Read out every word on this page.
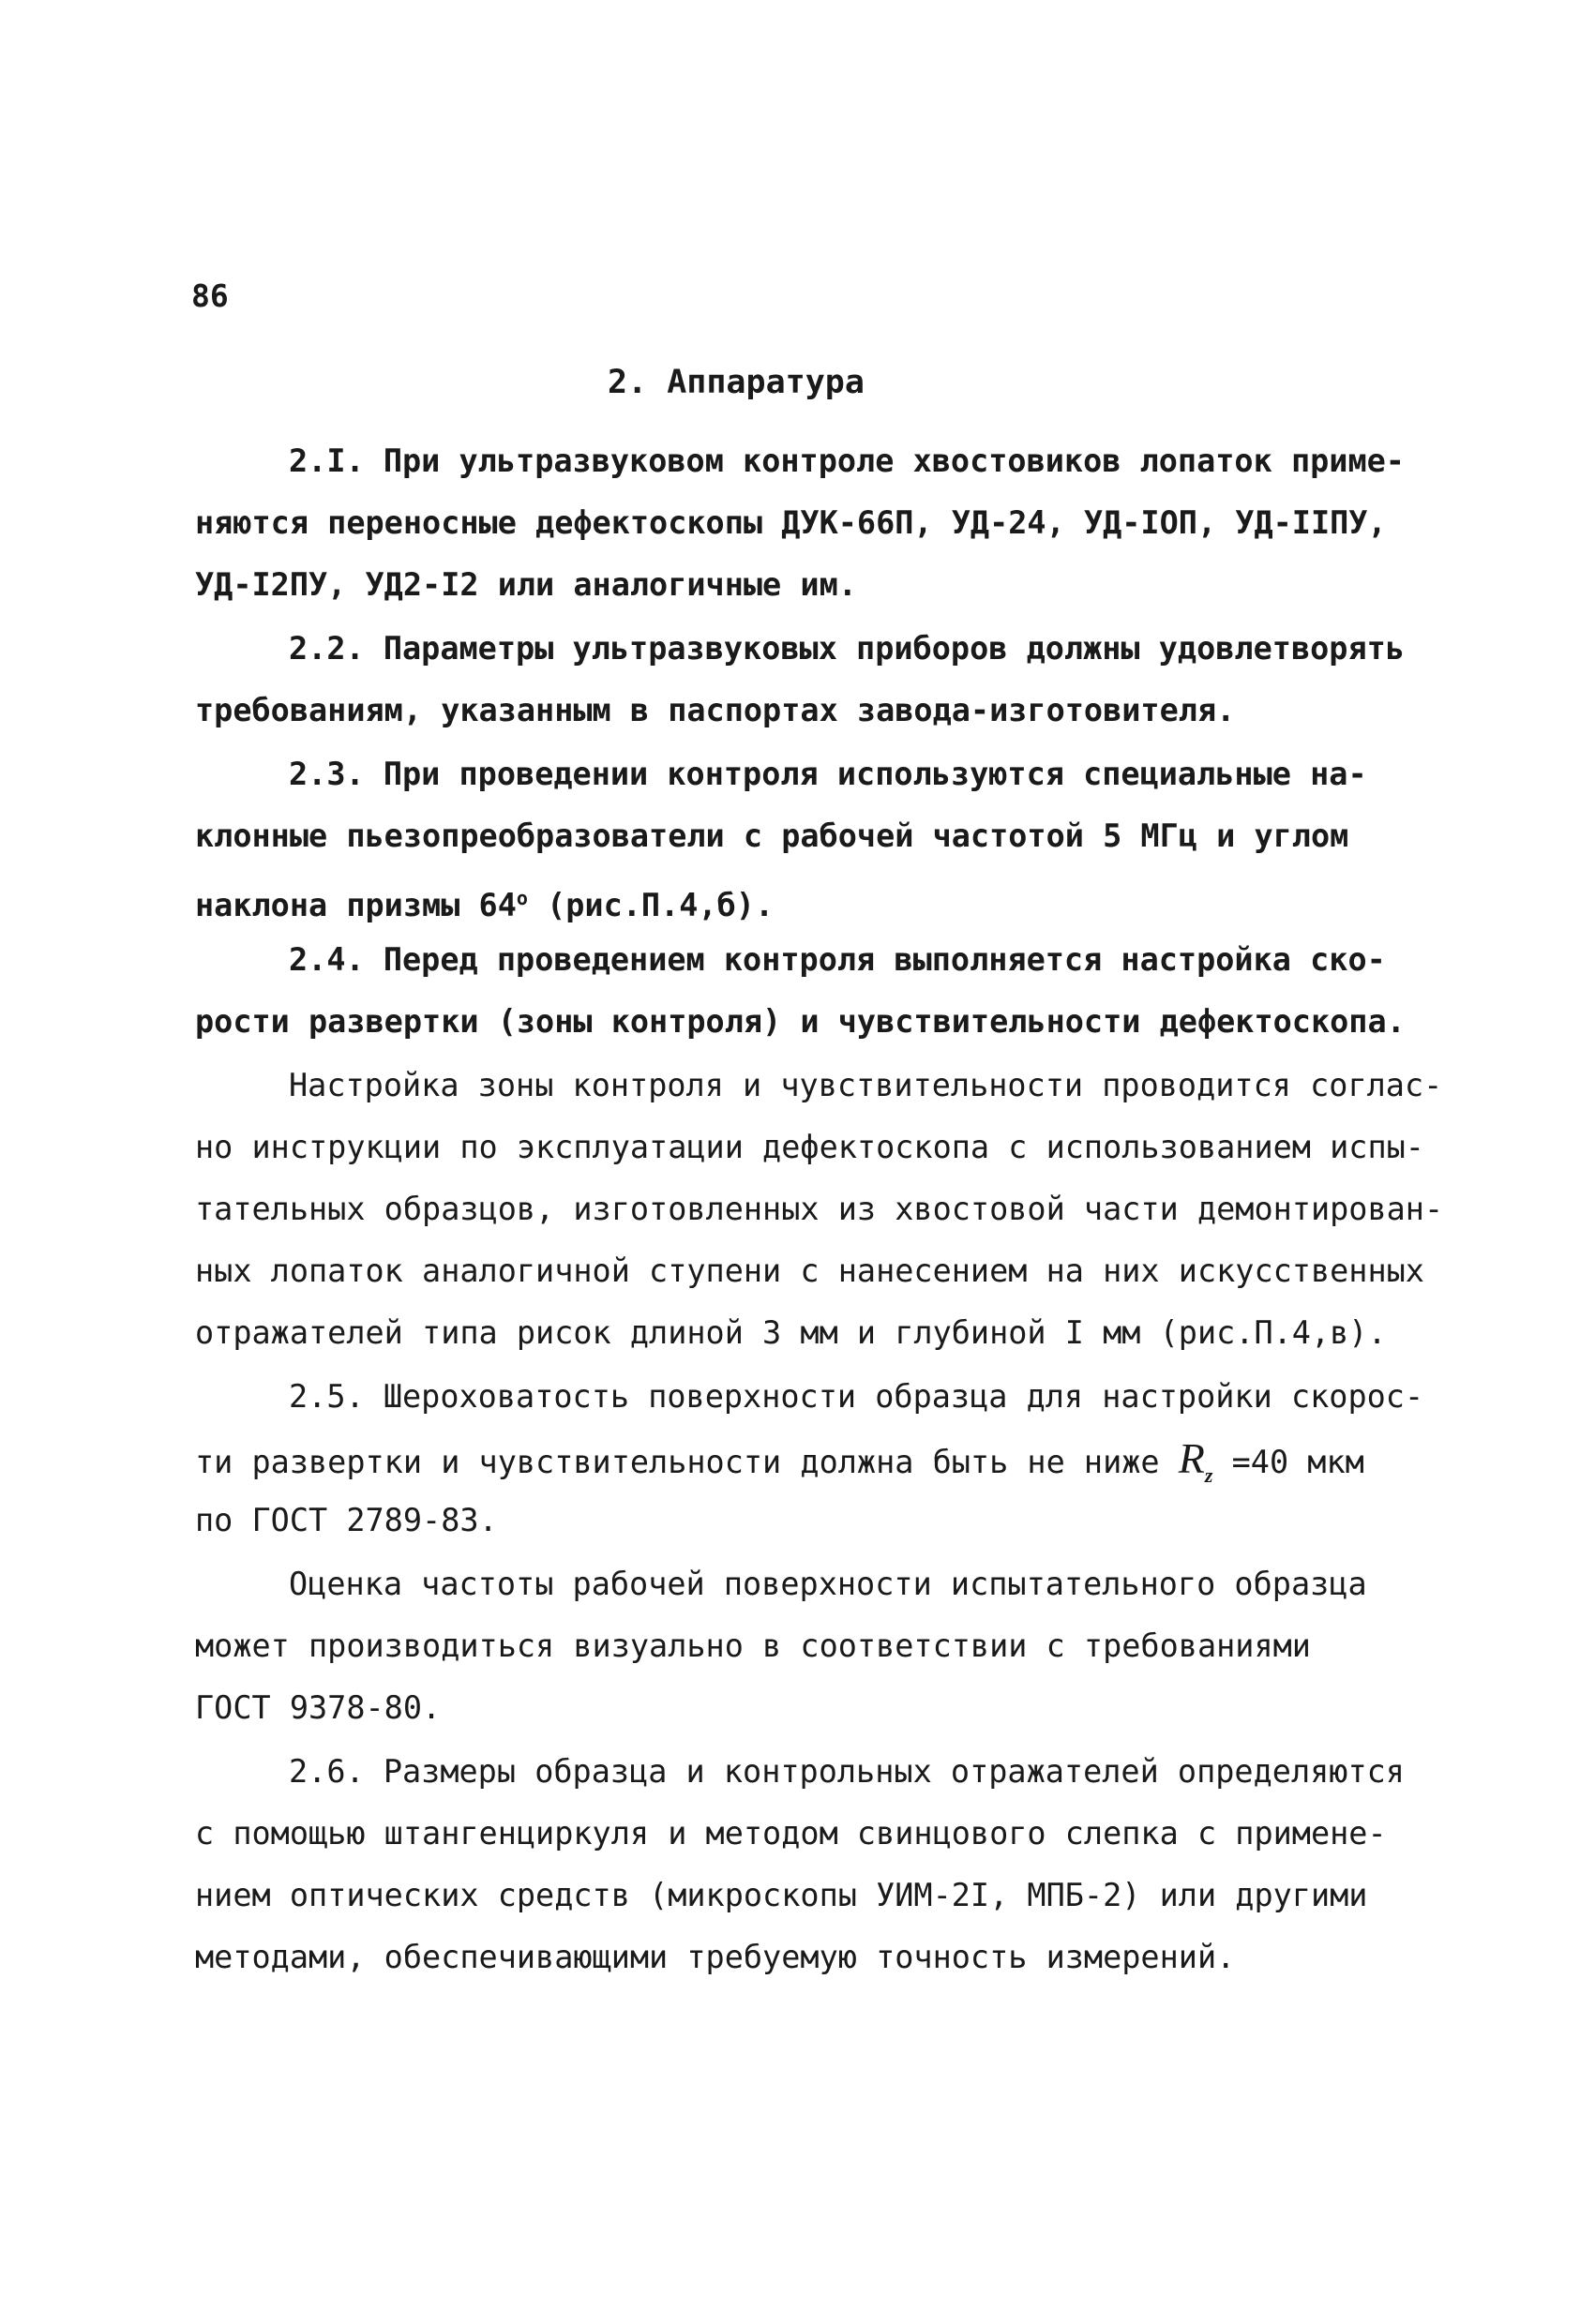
86
2. Аппаратура
2.I. При ультразвуковом контроле хвостовиков лопаток приме-
няются переносные дефектоскопы ДУК-66П, УД-24, УД-IОП, УД-IIПУ,
УД-I2ПУ, УД2-I2 или аналогичные им.
2.2. Параметры ультразвуковых приборов должны удовлетворять
требованиям, указанным в паспортах завода-изготовителя.
2.3. При проведении контроля используются специальные на-
клонные пьезопреобразователи с рабочей частотой 5 МГц и углом
наклона призмы $64^о$ (рис.П.4,б).
2.4. Перед проведением контроля выполняется настройка ско-
рости развертки (зоны контроля) и чувствительности дефектоскопа.
Настройка зоны контроля и чувствительности проводится соглас-
но инструкции по эксплуатации дефектоскопа с использованием испы-
тательных образцов, изготовленных из хвостовой части демонтирован-
ных лопаток аналогичной ступени с нанесением на них искусственных
отражателей типа рисок длиной 3 мм и глубиной I мм (рис.П.4,в).
2.5. Шероховатость поверхности образца для настройки скорос-
ти развертки и чувствительности должна быть не ниже $R_z =40$ мкм
по ГОСТ 2789-83.
Оценка частоты рабочей поверхности испытательного образца
может производиться визуально в соответствии с требованиями
ГОСТ 9378-80.
2.6. Размеры образца и контрольных отражателей определяются
с помощью штангенциркуля и методом свинцового слепка с примене-
нием оптических средств (микроскопы УИМ-2I, МПБ-2) или другими
методами, обеспечивающими требуемую точность измерений.
